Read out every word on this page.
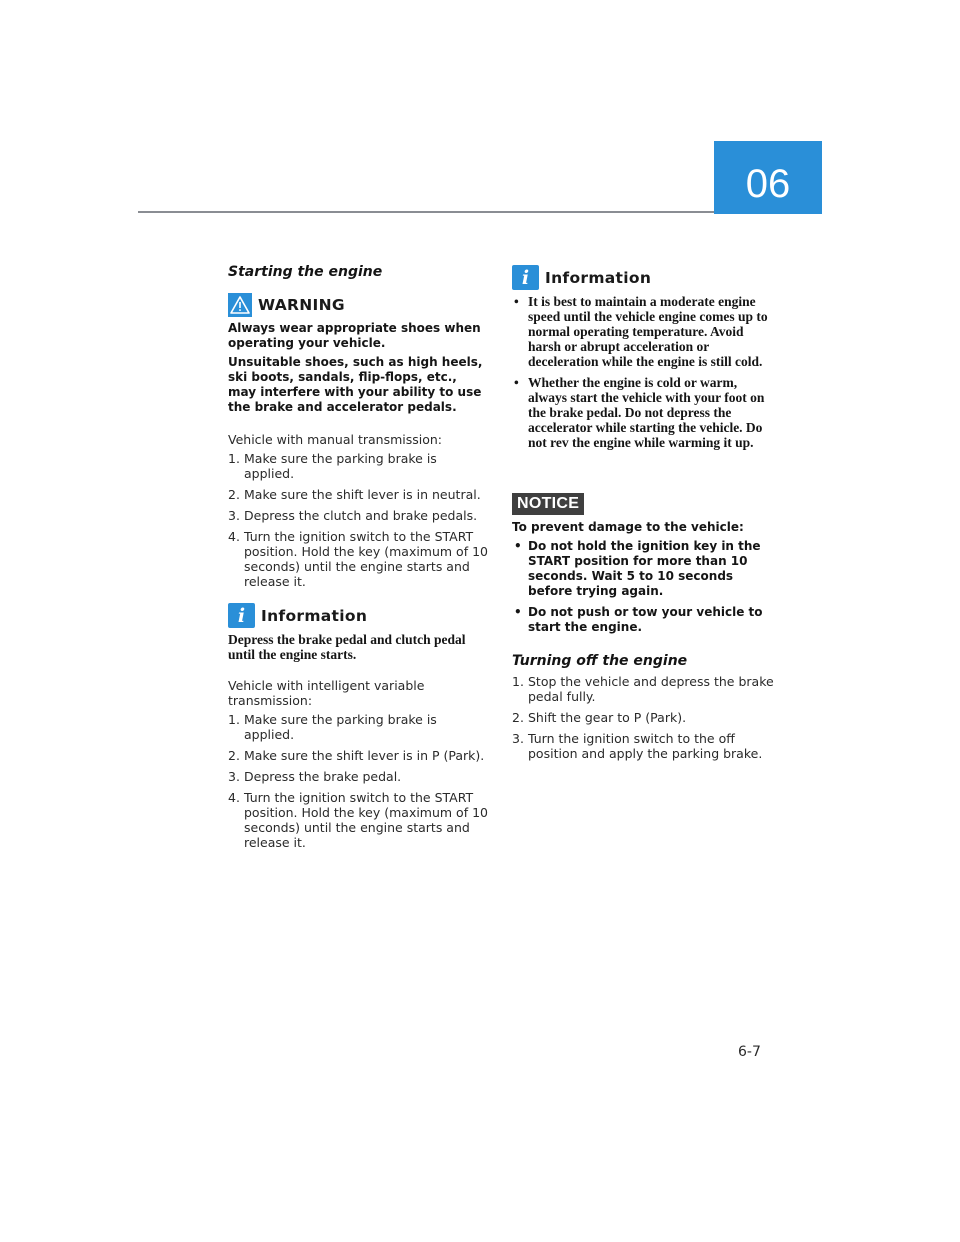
06
Starting the engine
WARNING
Always wear appropriate shoes when operating your vehicle.
Unsuitable shoes, such as high heels, ski boots, sandals, flip-flops, etc., may interfere with your ability to use the brake and accelerator pedals.
Vehicle with manual transmission:
1. Make sure the parking brake is applied.
2. Make sure the shift lever is in neutral.
3. Depress the clutch and brake pedals.
4. Turn the ignition switch to the START position. Hold the key (maximum of 10 seconds) until the engine starts and release it.
i	Information
Depress the brake pedal and clutch pedal until the engine starts.
Vehicle with intelligent variable transmission:
1. Make sure the parking brake is applied.
2. Make sure the shift lever is in P (Park).
3. Depress the brake pedal.
4. Turn the ignition switch to the START position. Hold the key (maximum of 10 seconds) until the engine starts and release it.
i	Information
• It is best to maintain a moderate engine speed until the vehicle engine comes up to normal operating temperature. Avoid harsh or abrupt acceleration or deceleration while the engine is still cold.
• Whether the engine is cold or warm, always start the vehicle with your foot on the brake pedal. Do not depress the accelerator while starting the vehicle. Do not rev the engine while warming it up.
NOTICE
To prevent damage to the vehicle:
• Do not hold the ignition key in the START position for more than 10 seconds. Wait 5 to 10 seconds before trying again.
• Do not push or tow your vehicle to start the engine.
Turning off the engine
1. Stop the vehicle and depress the brake pedal fully.
2. Shift the gear to P (Park).
3. Turn the ignition switch to the off position and apply the parking brake.
6-7
